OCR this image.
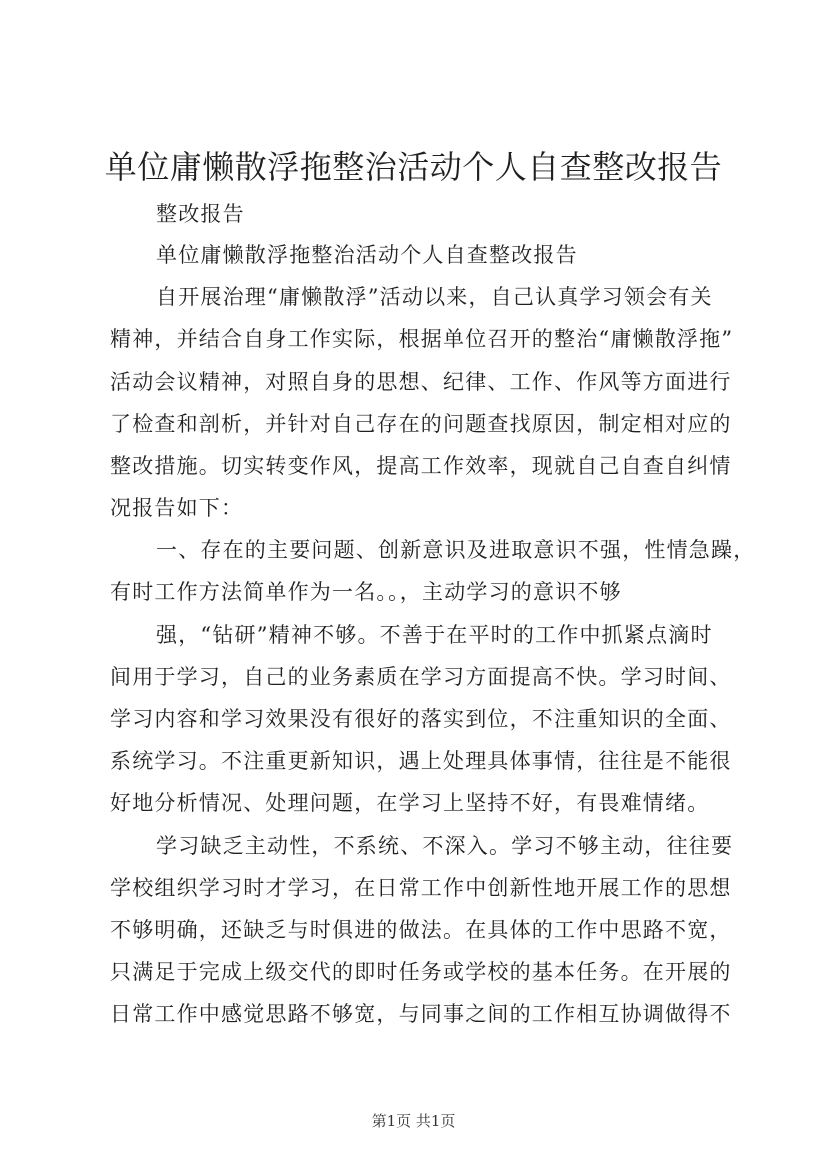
单位庸懒散浮拖整治活动个人自查整改报告
整改报告
单位庸懒散浮拖整治活动个人自查整改报告
自开展治理“庸懒散浮”活动以来，自己认真学习领会有关
精神，并结合自身工作实际，根据单位召开的整治“庸懒散浮拖”
活动会议精神，对照自身的思想、纪律、工作、作风等方面进行
了检查和剖析，并针对自己存在的问题查找原因，制定相对应的
整改措施。切实转变作风，提高工作效率，现就自己自查自纠情
况报告如下：
一、存在的主要问题、创新意识及进取意识不强，性情急躁，
有时工作方法简单作为一名。。，主动学习的意识不够
强，“钻研”精神不够。不善于在平时的工作中抓紧点滴时
间用于学习，自己的业务素质在学习方面提高不快。学习时间、
学习内容和学习效果没有很好的落实到位，不注重知识的全面、
系统学习。不注重更新知识，遇上处理具体事情，往往是不能很
好地分析情况、处理问题，在学习上坚持不好，有畏难情绪。
学习缺乏主动性，不系统、不深入。学习不够主动，往往要
学校组织学习时才学习，在日常工作中创新性地开展工作的思想
不够明确，还缺乏与时俱进的做法。在具体的工作中思路不宽，
只满足于完成上级交代的即时任务或学校的基本任务。在开展的
日常工作中感觉思路不够宽，与同事之间的工作相互协调做得不
第1页 共1页
